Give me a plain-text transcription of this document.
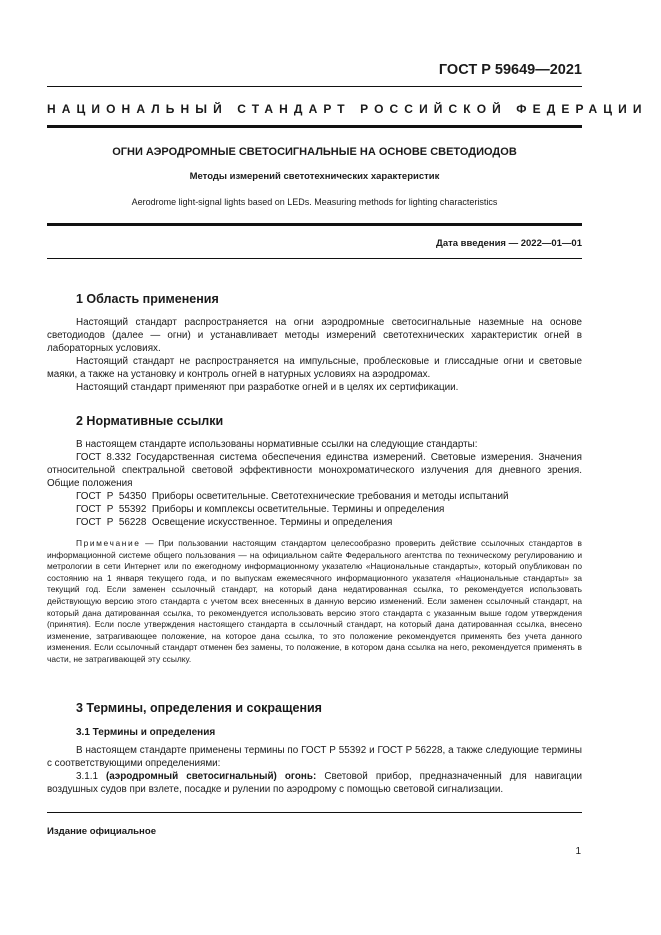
ГОСТ Р 59649—2021
НАЦИОНАЛЬНЫЙ СТАНДАРТ РОССИЙСКОЙ ФЕДЕРАЦИИ
ОГНИ АЭРОДРОМНЫЕ СВЕТОСИГНАЛЬНЫЕ НА ОСНОВЕ СВЕТОДИОДОВ
Методы измерений светотехнических характеристик
Aerodrome light-signal lights based on LEDs. Measuring methods for lighting characteristics
Дата введения — 2022—01—01
1 Область применения

Настоящий стандарт распространяется на огни аэродромные светосигнальные наземные на основе светодиодов (далее — огни) и устанавливает методы измерений светотехнических характеристик огней в лабораторных условиях.

Настоящий стандарт не распространяется на импульсные, проблесковые и глиссадные огни и световые маяки, а также на установку и контроль огней в натурных условиях на аэродромах.

Настоящий стандарт применяют при разработке огней и в целях их сертификации.

2 Нормативные ссылки

В настоящем стандарте использованы нормативные ссылки на следующие стандарты:

ГОСТ 8.332 Государственная система обеспечения единства измерений. Световые измерения. Значения относительной спектральной световой эффективности монохроматического излучения для дневного зрения. Общие положения

ГОСТ  Р  54350  Приборы осветительные. Светотехнические требования и методы испытаний

ГОСТ  Р  55392  Приборы и комплексы осветительные. Термины и определения

ГОСТ  Р  56228  Освещение искусственное. Термины и определения

Примечание — При пользовании настоящим стандартом целесообразно проверить действие ссылочных стандартов в информационной системе общего пользования — на официальном сайте Федерального агентства по техническому регулированию и метрологии в сети Интернет или по ежегодному информационному указателю «Национальные стандарты», который опубликован по состоянию на 1 января текущего года, и по выпускам ежемесячного информационного указателя «Национальные стандарты» за текущий год. Если заменен ссылочный стандарт, на который дана недатированная ссылка, то рекомендуется использовать действующую версию этого стандарта с учетом всех внесенных в данную версию изменений. Если заменен ссылочный стандарт, на который дана датированная ссылка, то рекомендуется использовать версию этого стандарта с указанным выше годом утверждения (принятия). Если после утверждения настоящего стандарта в ссылочный стандарт, на который дана датированная ссылка, внесено изменение, затрагивающее положение, на которое дана ссылка, то это положение рекомендуется применять без учета данного изменения. Если ссылочный стандарт отменен без замены, то положение, в котором дана ссылка на него, рекомендуется применять в части, не затрагивающей эту ссылку.

3 Термины, определения и сокращения
3.1 Термины и определения

В настоящем стандарте применены термины по ГОСТ Р 55392 и ГОСТ Р 56228, а также следующие термины с соответствующими определениями:

3.1.1 (аэродромный светосигнальный) огонь: Световой прибор, предназначенный для навигации воздушных судов при взлете, посадке и рулении по аэродрому с помощью световой сигнализации.

Издание официальное
1
